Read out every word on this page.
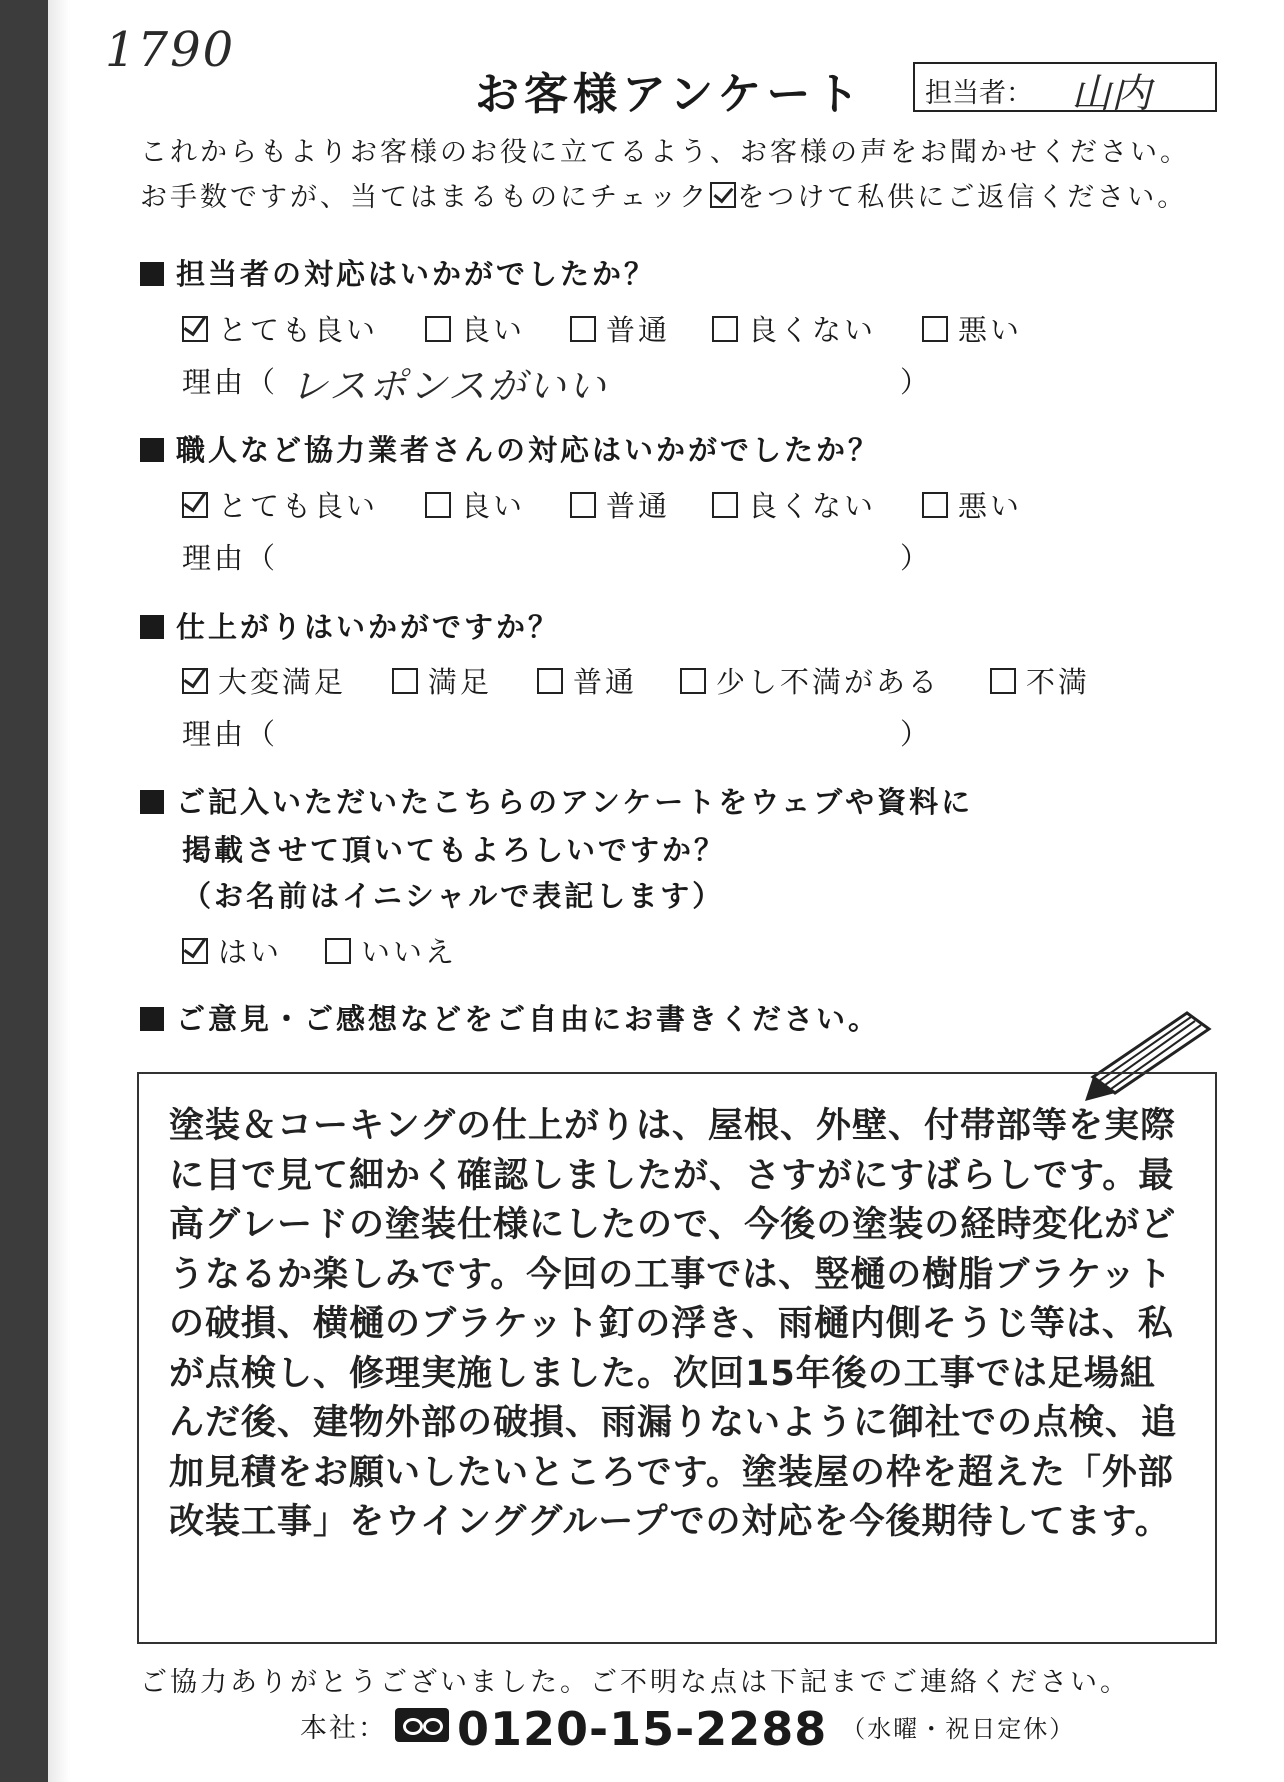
1790
お客様アンケート 担当者： 山内
これからもよりお客様のお役に立てるよう、お客様の声をお聞かせください。
お手数ですが、当てはまるものにチェック をつけて私供にご返信ください。
担当者の対応はいかがでしたか？
とても良い	良い	普通	良くない	悪い
理由（ レスポンスがいい	）
職人など協力業者さんの対応はいかがでしたか？
とても良い	良い	普通	良くない	悪い
理由（	）
仕上がりはいかがですか？
大変満足	満足	普通	少し不満がある	不満
理由（	）
ご記入いただいたこちらのアンケートをウェブや資料に
掲載させて頂いてもよろしいですか？
（お名前はイニシャルで表記します）
はい	いいえ
ご意見・ご感想などをご自由にお書きください。
塗装＆コーキングの仕上がりは、屋根、外壁、付帯部等を実際に目で見て細かく確認しましたが、さすがにすばらしです。最高グレードの塗装仕様にしたので、今後の塗装の経時変化がどうなるか楽しみです。今回の工事では、竪樋の樹脂ブラケットの破損、横樋のブラケット釘の浮き、雨樋内側そうじ等は、私が点検し、修理実施しました。次回15年後の工事では足場組んだ後、建物外部の破損、雨漏りないように御社での点検、追加見積をお願いしたいところです。塗装屋の枠を超えた「外部改装工事」をウインググループでの対応を今後期待してます。
ご協力ありがとうございました。ご不明な点は下記までご連絡ください。
本社： 0120-15-2288 （水曜・祝日定休）
